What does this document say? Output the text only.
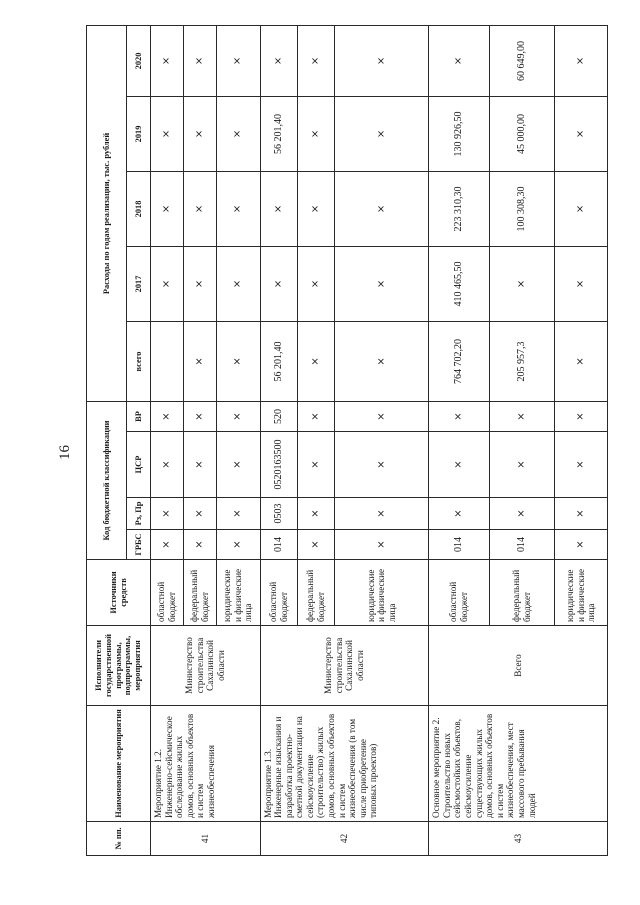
16
№ пп.	Наименование мероприятия	Исполнители государственной программы, подпрограммы, мероприятия	Источники средств	Код бюджетной классификации				Расходы по годам реализации, тыс. рублей				
				ГРБС	Рз, Пр	ЦСР	ВР	всего	2017	2018	2019	2020
41	Мероприятие 1.2. Инженерно-сейсмическое обследование жилых домов, основных объектов и систем жизнеобеспечения	Министерство строительства Сахалинской области	областной бюджет	×	×	×	×		×	×	×	×
			федеральный бюджет	×	×	×	×	×	×	×	×	×
			юридические и физические лица	×	×	×	×	×	×	×	×	×
42	Мероприятие 1.3. Инженерные изыскания и разработка проектно-сметной документации на сейсмоусиление (строительство) жилых домов, основных объектов и систем жизнеобеспечения (в том числе приобретение типовых проектов)	Министерство строительства Сахалинской области	областной бюджет	014	0503	0520163500	520	56 201,40	×	×	56 201,40	×
			федеральный бюджет	×	×	×	×	×	×	×	×	×
			юридические и физические лица	×	×	×	×	×	×	×	×	×
43	Основное мероприятие 2. Строительство новых сейсмостойких объектов, сейсмоусиление существующих жилых домов, основных объектов и систем жизнеобеспечения, мест массового пребывания людей	Всего	областной бюджет	014	×	×	×	764 702,20	410 465,50	223 310,30	130 926,50	×
			федеральный бюджет	014	×	×	×	205 957,3	×	100 308,30	45 000,00	60 649,00
			юридические и физические лица	×	×	×	×	×	×	×	×	×
